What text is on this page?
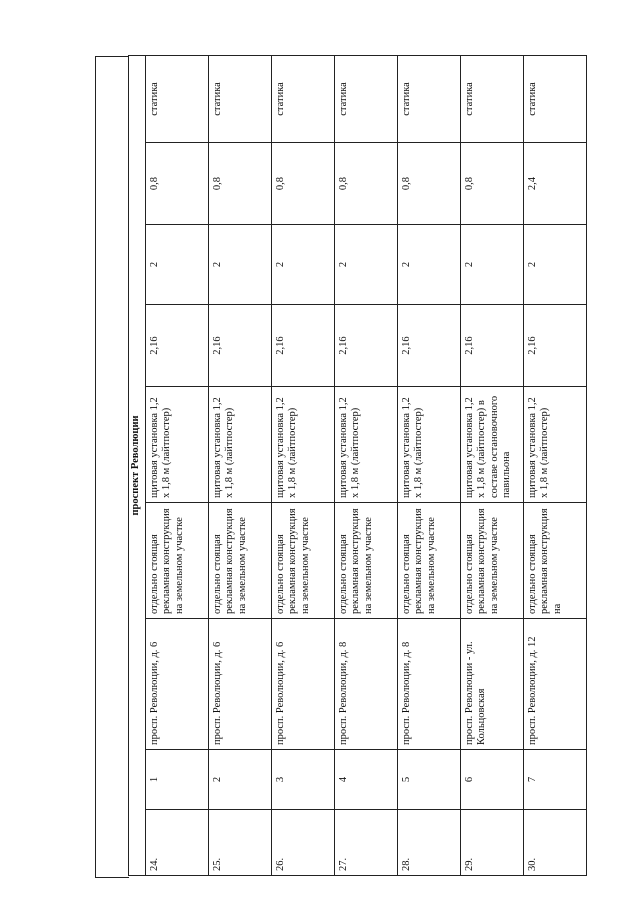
проспект Революции								
24.	1	просп. Революции, д. 6	отдельно стоящая рекламная конструкция на земельном участке	щитовая установка 1,2 х 1,8 м (лайтпостер)	2,16	2	0,8	статика
25.	2	просп. Революции, д. 6	отдельно стоящая рекламная конструкция на земельном участке	щитовая установка 1,2 х 1,8 м (лайтпостер)	2,16	2	0,8	статика
26.	3	просп. Революции, д. 6	отдельно стоящая рекламная конструкция на земельном участке	щитовая установка 1,2 х 1,8 м (лайтпостер)	2,16	2	0,8	статика
27.	4	просп. Революции, д. 8	отдельно стоящая рекламная конструкция на земельном участке	щитовая установка 1,2 х 1,8 м (лайтпостер)	2,16	2	0,8	статика
28.	5	просп. Революции, д. 8	отдельно стоящая рекламная конструкция на земельном участке	щитовая установка 1,2 х 1,8 м (лайтпостер)	2,16	2	0,8	статика
29.	6	просп. Революции - ул. Кольцовская	отдельно стоящая рекламная конструкция на земельном участке	щитовая установка 1,2 х 1,8 м (лайтпостер) в составе остановочного павильона	2,16	2	0,8	статика
30.	7	просп. Революции, д. 12	отдельно стоящая рекламная конструкция на	щитовая установка 1,2 х 1,8 м (лайтпостер)	2,16	2	2,4	статика
